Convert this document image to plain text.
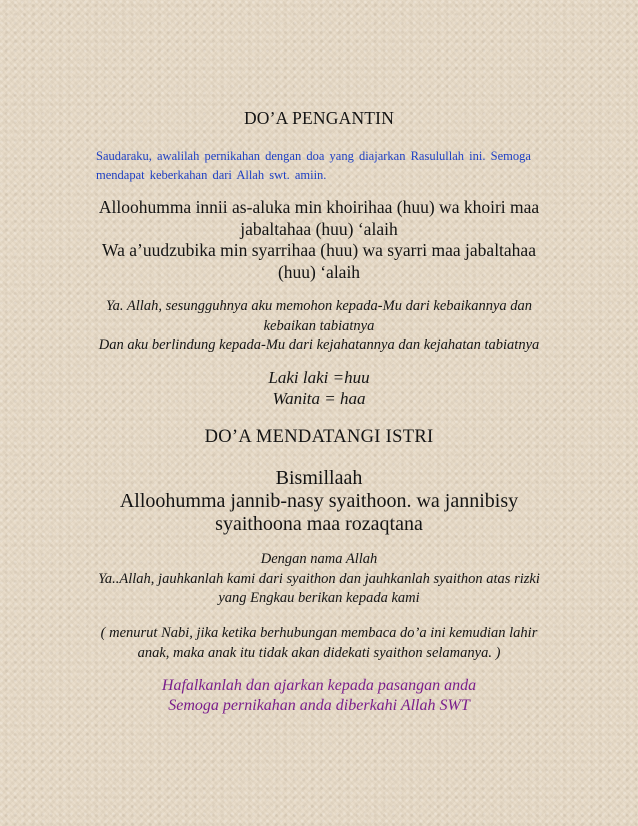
DO’A PENGANTIN
Saudaraku, awalilah pernikahan dengan doa yang diajarkan Rasulullah ini. Semoga
mendapat keberkahan dari Allah swt. amiin.
Alloohumma innii as-aluka min khoirihaa (huu) wa khoiri maa
jabaltahaa (huu) ‘alaih
Wa a’uudzubika min syarrihaa (huu) wa syarri maa jabaltahaa
(huu) ‘alaih
Ya. Allah, sesungguhnya aku memohon kepada-Mu dari kebaikannya dan
kebaikan tabiatnya
Dan aku berlindung kepada-Mu dari kejahatannya dan kejahatan tabiatnya
Laki laki =huu
Wanita = haa
DO’A MENDATANGI ISTRI
Bismillaah
Alloohumma jannib-nasy syaithoon. wa jannibisy
syaithoona maa rozaqtana
Dengan nama Allah
Ya..Allah, jauhkanlah kami dari syaithon dan jauhkanlah syaithon atas rizki
yang Engkau berikan kepada kami
( menurut Nabi, jika ketika berhubungan membaca do’a ini kemudian lahir
anak, maka anak itu tidak akan didekati syaithon selamanya. )
Hafalkanlah dan ajarkan kepada pasangan anda
Semoga pernikahan anda diberkahi Allah SWT
